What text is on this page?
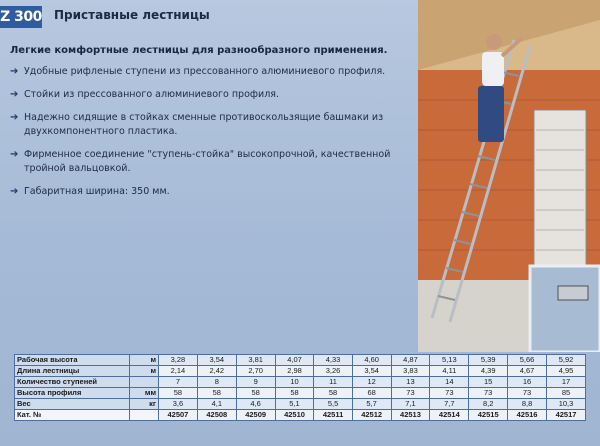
Z 300 Приставные лестницы

Легкие комфортные лестницы для разнообразного применения.

➔ Удобные рифленые ступени из прессованного алюминиевого профиля.
➔ Стойки из прессованного алюминиевого профиля.
➔ Надежно сидящие в стойках сменные противоскользящие башмаки из двухкомпонентного пластика.
➔ Фирменное соединение "ступень-стойка" высокопрочной, качественной тройной вальцовкой.
➔ Габаритная ширина: 350 мм.
Рабочая высота	м	3,28	3,54	3,81	4,07	4,33	4,60	4,87	5,13	5,39	5,66	5,92
Длина лестницы	м	2,14	2,42	2,70	2,98	3,26	3,54	3,83	4,11	4,39	4,67	4,95
Количество ступеней		7	8	9	10	11	12	13	14	15	16	17
Высота профиля	мм	58	58	58	58	58	68	73	73	73	73	85
Вес	кг	3,6	4,1	4,6	5,1	5,5	5,7	7,1	7,7	8,2	8,8	10,3
Кат. №		42507	42508	42509	42510	42511	42512	42513	42514	42515	42516	42517
